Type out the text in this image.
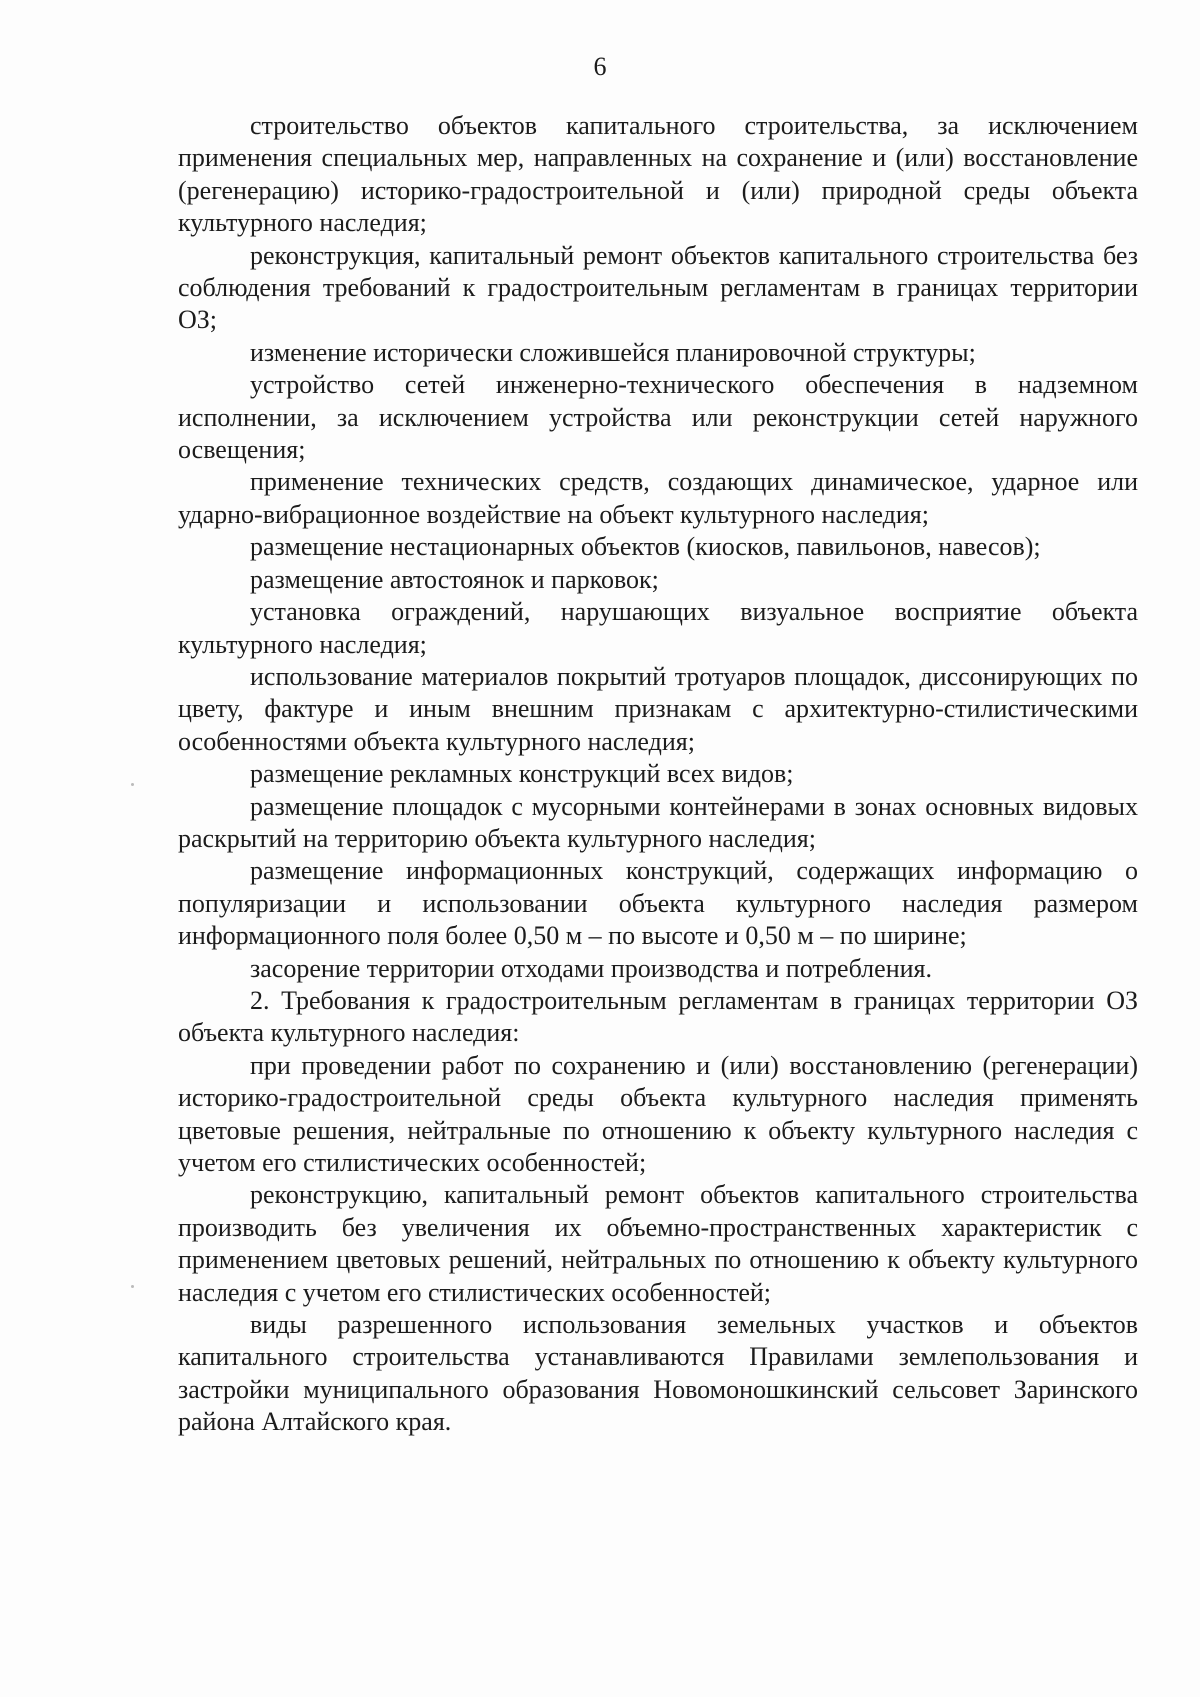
6

строительство объектов капитального строительства, за исключением применения специальных мер, направленных на сохранение и (или) восстановление (регенерацию) историко-градостроительной и (или) природной среды объекта культурного наследия;

реконструкция, капитальный ремонт объектов капитального строительства без соблюдения требований к градостроительным регламентам в границах территории ОЗ;

изменение исторически сложившейся планировочной структуры;

устройство сетей инженерно-технического обеспечения в надземном исполнении, за исключением устройства или реконструкции сетей наружного освещения;

применение технических средств, создающих динамическое, ударное или ударно-вибрационное воздействие на объект культурного наследия;

размещение нестационарных объектов (киосков, павильонов, навесов);

размещение автостоянок и парковок;

установка ограждений, нарушающих визуальное восприятие объекта культурного наследия;

использование материалов покрытий тротуаров площадок, диссонирующих по цвету, фактуре и иным внешним признакам с архитектурно-стилистическими особенностями объекта культурного наследия;

размещение рекламных конструкций всех видов;

размещение площадок с мусорными контейнерами в зонах основных видовых раскрытий на территорию объекта культурного наследия;

размещение информационных конструкций, содержащих информацию о популяризации и использовании объекта культурного наследия размером информационного поля более 0,50 м – по высоте и 0,50 м – по ширине;

засорение территории отходами производства и потребления.

2. Требования к градостроительным регламентам в границах территории ОЗ объекта культурного наследия:

при проведении работ по сохранению и (или) восстановлению (регенерации) историко-градостроительной среды объекта культурного наследия применять цветовые решения, нейтральные по отношению к объекту культурного наследия с учетом его стилистических особенностей;

реконструкцию, капитальный ремонт объектов капитального строительства производить без увеличения их объемно-пространственных характеристик с применением цветовых решений, нейтральных по отношению к объекту культурного наследия с учетом его стилистических особенностей;

виды разрешенного использования земельных участков и объектов капитального строительства устанавливаются Правилами землепользования и застройки муниципального образования Новомоношкинский сельсовет Заринского района Алтайского края.
